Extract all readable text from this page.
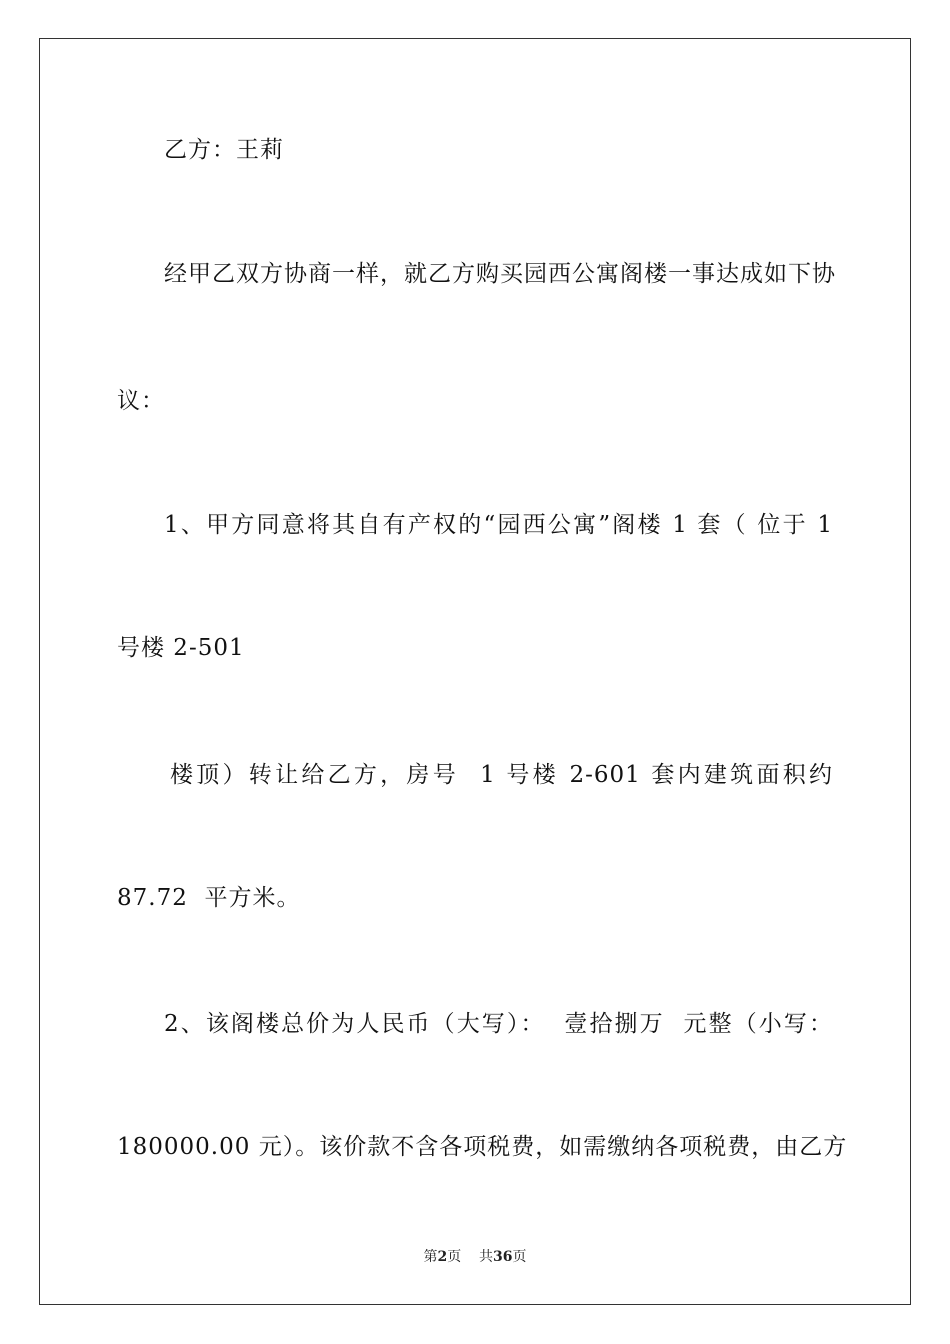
乙方：王莉
经甲乙双方协商一样，就乙方购买园西公寓阁楼一事达成如下协
议：
1、甲方同意将其自有产权的“园西公寓”阁楼 1 套（ 位于 1
号楼 2-501
楼顶）转让给乙方，房号  1 号楼 2-601 套内建筑面积约
87.72  平方米。
2、该阁楼总价为人民币（大写）：  壹拾捌万  元整（小写：
180000.00 元）。该价款不含各项税费，如需缴纳各项税费，由乙方
第2页 共36页
